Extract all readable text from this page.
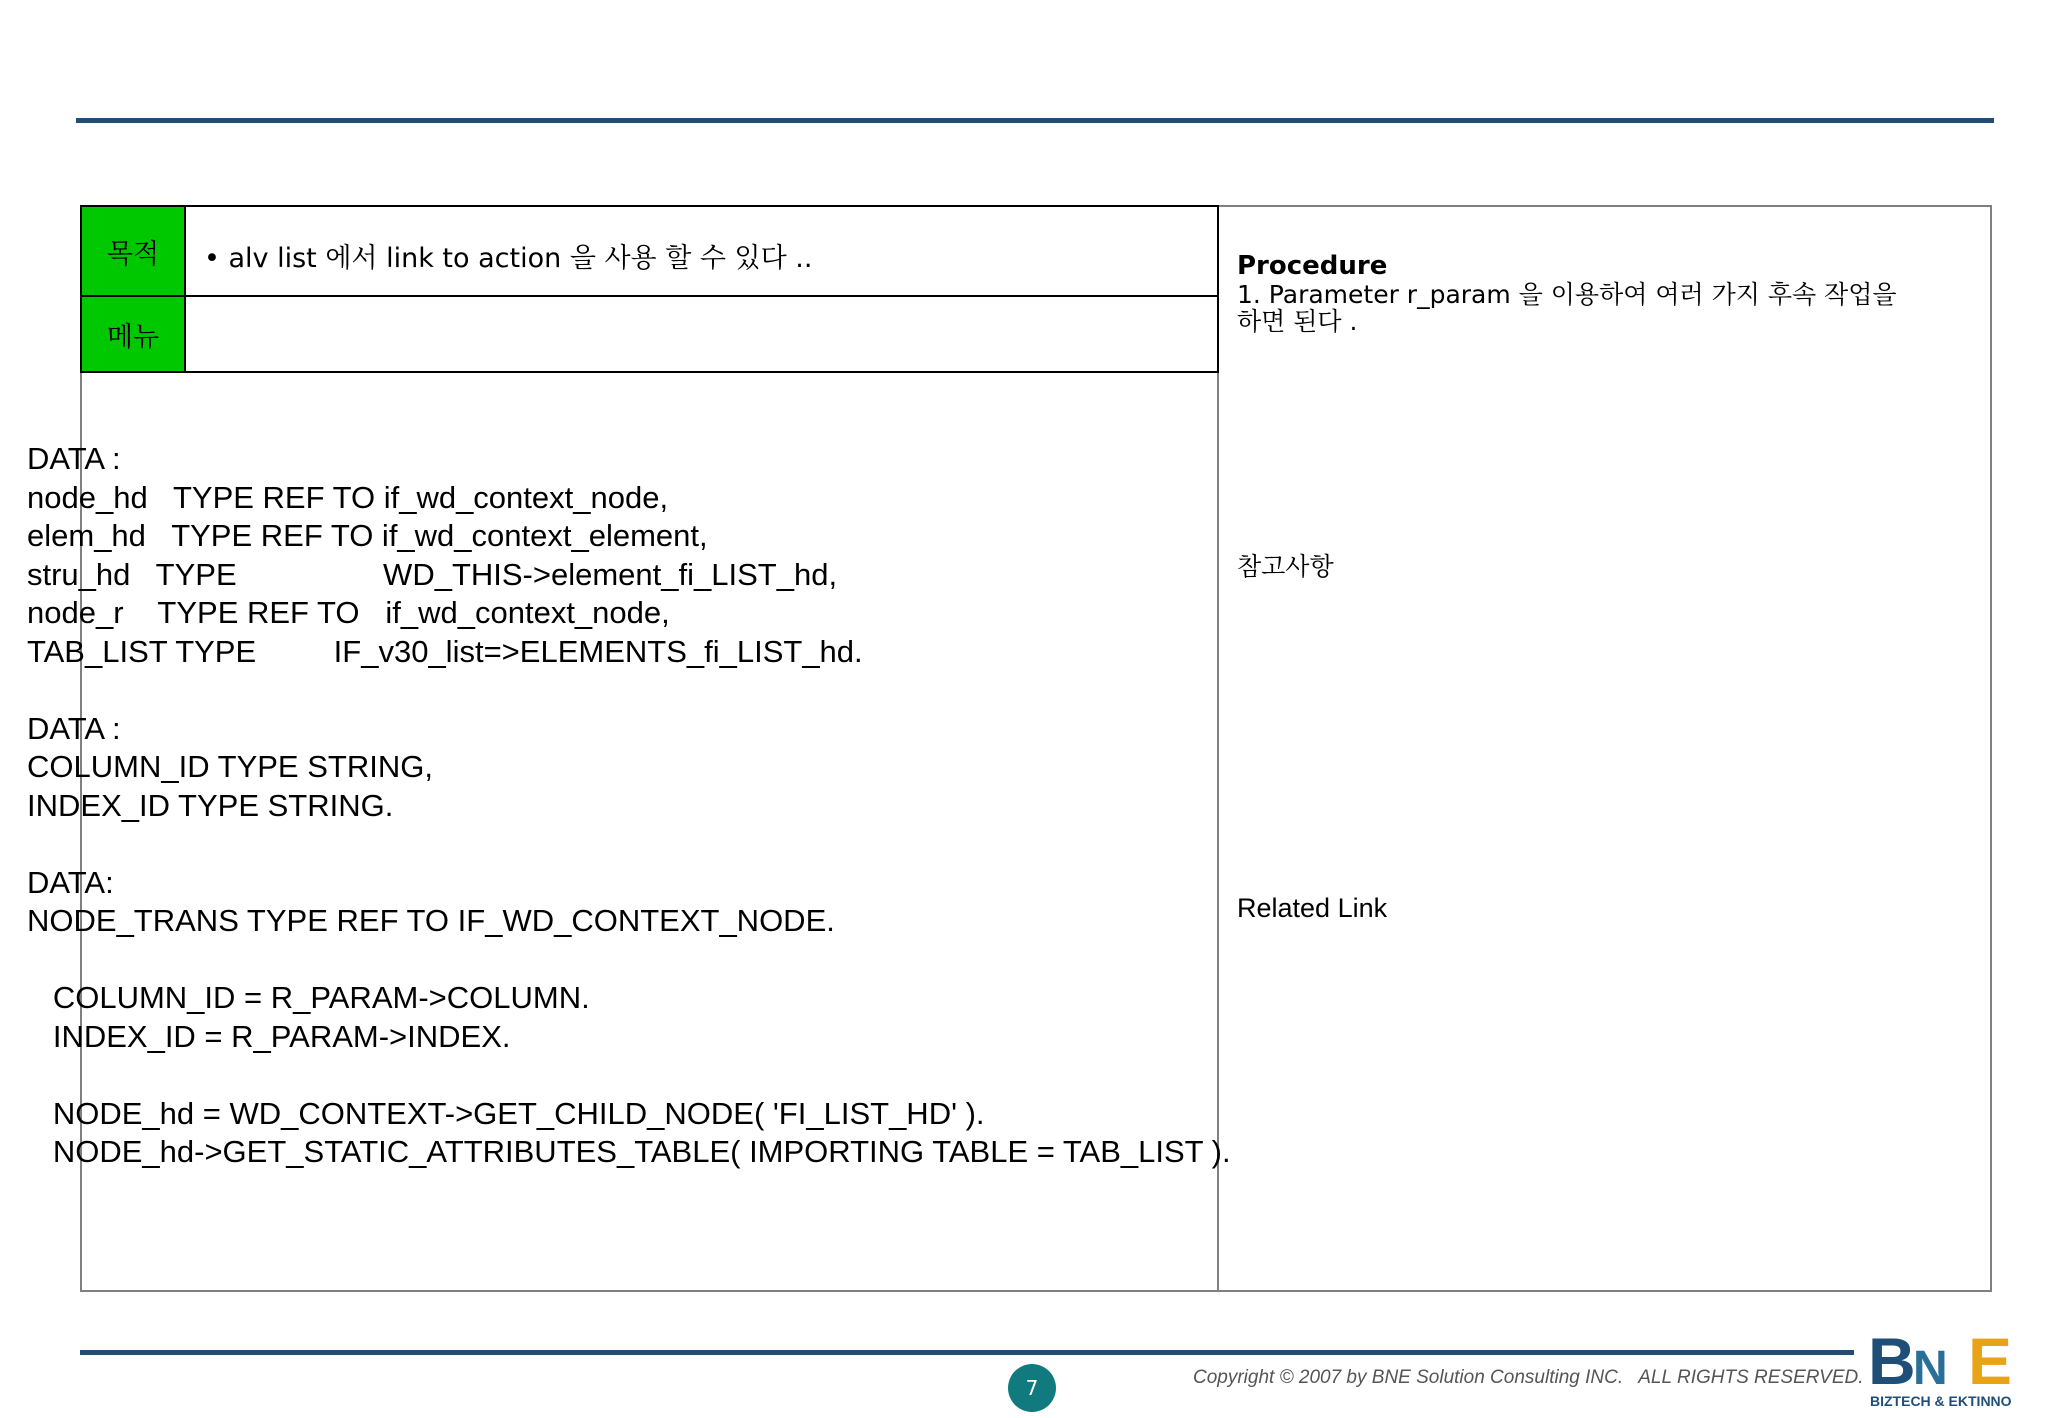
목적
메뉴
• alv list 에서 link to action 을 사용 할 수 있다 ..
DATA :
node_hd   TYPE REF TO if_wd_context_node,
elem_hd   TYPE REF TO if_wd_context_element,
stru_hd   TYPE                 WD_THIS->element_fi_LIST_hd,
node_r    TYPE REF TO   if_wd_context_node,
TAB_LIST TYPE         IF_v30_list=>ELEMENTS_fi_LIST_hd.

DATA :
COLUMN_ID TYPE STRING,
INDEX_ID TYPE STRING.

DATA:
NODE_TRANS TYPE REF TO IF_WD_CONTEXT_NODE.

COLUMN_ID = R_PARAM->COLUMN.
INDEX_ID = R_PARAM->INDEX.

NODE_hd = WD_CONTEXT->GET_CHILD_NODE( 'FI_LIST_HD' ).
NODE_hd->GET_STATIC_ATTRIBUTES_TABLE( IMPORTING TABLE = TAB_LIST ).
Procedure
1. Parameter r_param 을 이용하여 여러 가지 후속 작업을
하면 된다 .
참고사항
Related Link
7	Copyright © 2007 by BNE Solution Consulting INC.   ALL RIGHTS RESERVED. B
N E
BIZTECH & EKTINNO
